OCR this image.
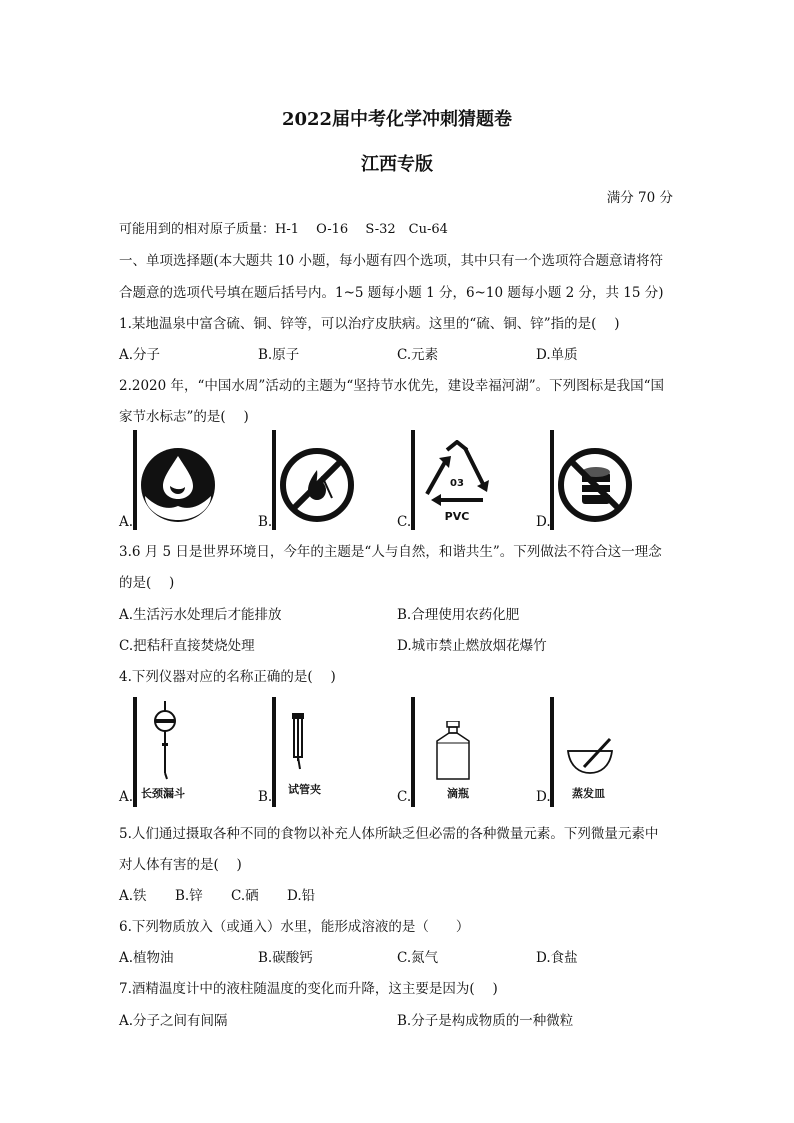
2022届中考化学冲刺猜题卷
江西专版
满分 70 分
可能用到的相对原子质量：H-1　 O-16　 S-32　Cu-64
一、单项选择题(本大题共 10 小题，每小题有四个选项，其中只有一个选项符合题意请将符
合题意的选项代号填在题后括号内。1~5 题每小题 1 分，6~10 题每小题 2 分，共 15 分)
1.某地温泉中富含硫、铜、锌等，可以治疗皮肤病。这里的“硫、铜、锌”指的是(　 )
A.分子	B.原子	C.元素	D.单质
2.2020 年，“中国水周”活动的主题为“坚持节水优先，建设幸福河湖”。下列图标是我国“国
家节水标志”的是(　 )
A.	B.	C.
03
PVC	D.
3.6 月 5 日是世界环境日，今年的主题是“人与自然，和谐共生”。下列做法不符合这一理念
的是(　 )
A.生活污水处理后才能排放	B.合理使用农药化肥
C.把秸秆直接焚烧处理	D.城市禁止燃放烟花爆竹
4.下列仪器对应的名称正确的是(　 )
A. 长颈漏斗	B. 试管夹	C.	滴瓶	D. 蒸发皿
5.人们通过摄取各种不同的食物以补充人体所缺乏但必需的各种微量元素。下列微量元素中
对人体有害的是(　 )
A.铁 B.锌 C.硒 D.铅
6.下列物质放入（或通入）水里，能形成溶液的是（　　）
A.植物油	B.碳酸钙	C.氮气	D.食盐
7.酒精温度计中的液柱随温度的变化而升降，这主要是因为(　 )
A.分子之间有间隔	B.分子是构成物质的一种微粒
